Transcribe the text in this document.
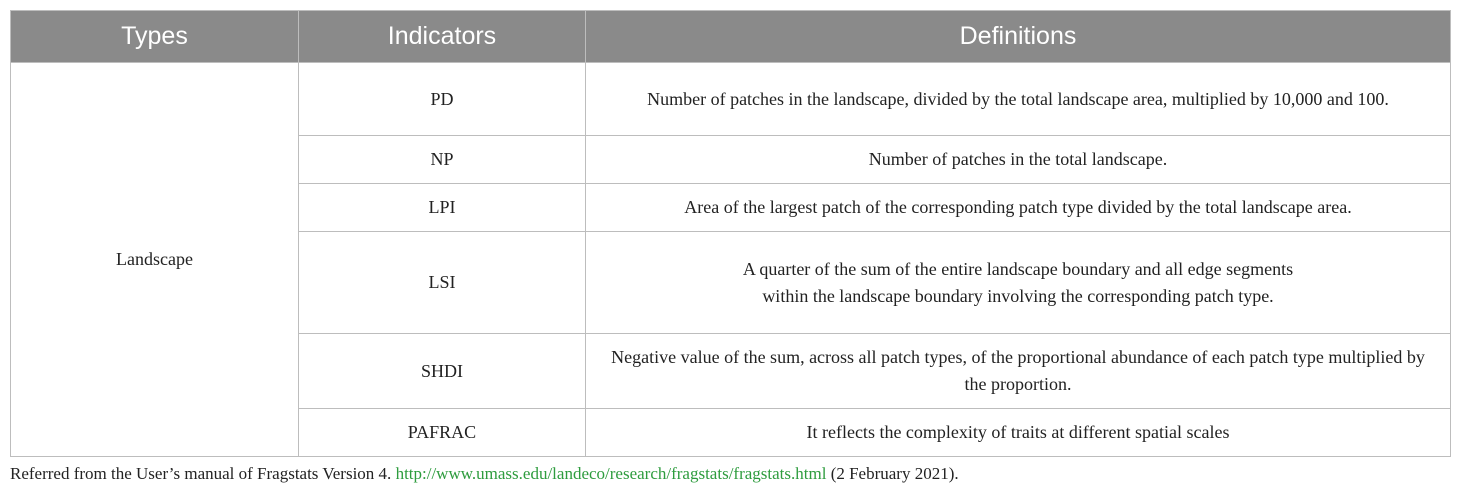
Types	Indicators	Definitions
Landscape	PD	Number of patches in the landscape, divided by the total landscape area, multiplied by 10,000 and 100.
	NP	Number of patches in the total landscape.
	LPI	Area of the largest patch of the corresponding patch type divided by the total landscape area.
	LSI	A quarter of the sum of the entire landscape boundary and all edge segments within the landscape boundary involving the corresponding patch type.
	SHDI	Negative value of the sum, across all patch types, of the proportional abundance of each patch type multiplied by the proportion.
	PAFRAC	It reflects the complexity of traits at different spatial scales
Referred from the User’s manual of Fragstats Version 4. http://www.umass.edu/landeco/research/fragstats/fragstats.html (2 February 2021).
